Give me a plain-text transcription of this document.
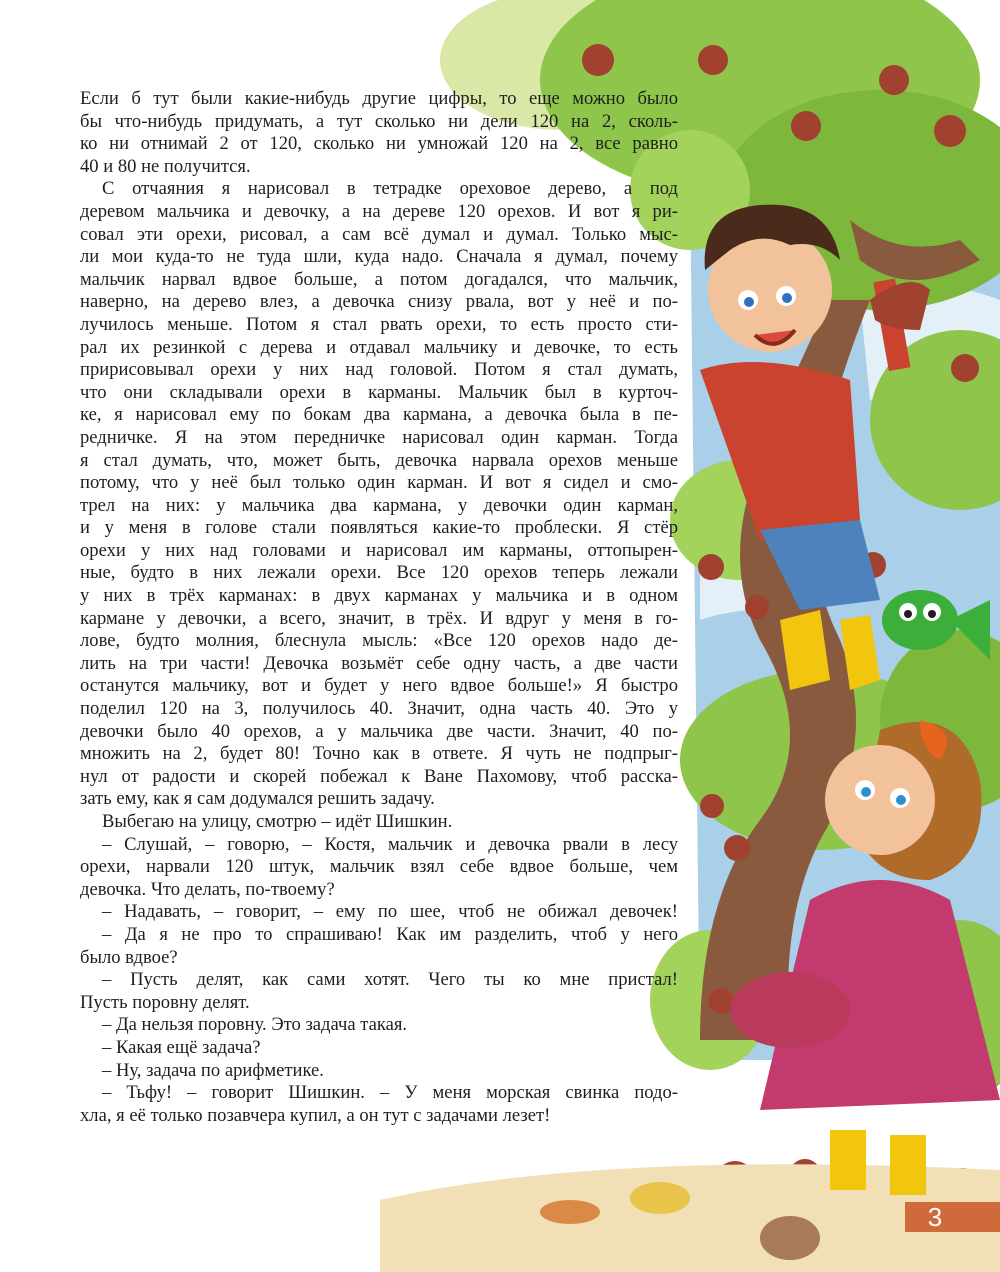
Если б тут были какие-нибудь другие цифры, то еще можно было
бы что-нибудь придумать, а тут сколько ни дели 120 на 2, сколь-
ко ни отнимай 2 от 120, сколько ни умножай 120 на 2, все равно
40 и 80 не получится.
С отчаяния я нарисовал в тетрадке ореховое дерево, а под
деревом мальчика и девочку, а на дереве 120 орехов. И вот я ри-
совал эти орехи, рисовал, а сам всё думал и думал. Только мыс-
ли мои куда-то не туда шли, куда надо. Сначала я думал, почему
мальчик нарвал вдвое больше, а потом догадался, что мальчик,
наверно, на дерево влез, а девочка снизу рвала, вот у неё и по-
лучилось меньше. Потом я стал рвать орехи, то есть просто сти-
рал их резинкой с дерева и отдавал мальчику и девочке, то есть
пририсовывал орехи у них над головой. Потом я стал думать,
что они складывали орехи в карманы. Мальчик был в курточ-
ке, я нарисовал ему по бокам два кармана, а девочка была в пе-
редничке. Я на этом передничке нарисовал один карман. Тогда
я стал думать, что, может быть, девочка нарвала орехов меньше
потому, что у неё был только один карман. И вот я сидел и смо-
трел на них: у мальчика два кармана, у девочки один карман,
и у меня в голове стали появляться какие-то проблески. Я стёр
орехи у них над головами и нарисовал им карманы, оттопырен-
ные, будто в них лежали орехи. Все 120 орехов теперь лежали
у них в трёх карманах: в двух карманах у мальчика и в одном
кармане у девочки, а всего, значит, в трёх. И вдруг у меня в го-
лове, будто молния, блеснула мысль: «Все 120 орехов надо де-
лить на три части! Девочка возьмёт себе одну часть, а две части
останутся мальчику, вот и будет у него вдвое больше!» Я быстро
поделил 120 на 3, получилось 40. Значит, одна часть 40. Это у
девочки было 40 орехов, а у мальчика две части. Значит, 40 по-
множить на 2, будет 80! Точно как в ответе. Я чуть не подпрыг-
нул от радости и скорей побежал к Ване Пахомову, чтоб расска-
зать ему, как я сам додумался решить задачу.
Выбегаю на улицу, смотрю – идёт Шишкин.
– Слушай, – говорю, – Костя, мальчик и девочка рвали в лесу
орехи, нарвали 120 штук, мальчик взял себе вдвое больше, чем
девочка. Что делать, по-твоему?
– Надавать, – говорит, – ему по шее, чтоб не обижал девочек!
– Да я не про то спрашиваю! Как им разделить, чтоб у него
было вдвое?
– Пусть делят, как сами хотят. Чего ты ко мне пристал!
Пусть поровну делят.
– Да нельзя поровну. Это задача такая.
– Какая ещё задача?
– Ну, задача по арифметике.
– Тьфу! – говорит Шишкин. – У меня морская свинка подо-
хла, я её только позавчера купил, а он тут с задачами лезет!
3
